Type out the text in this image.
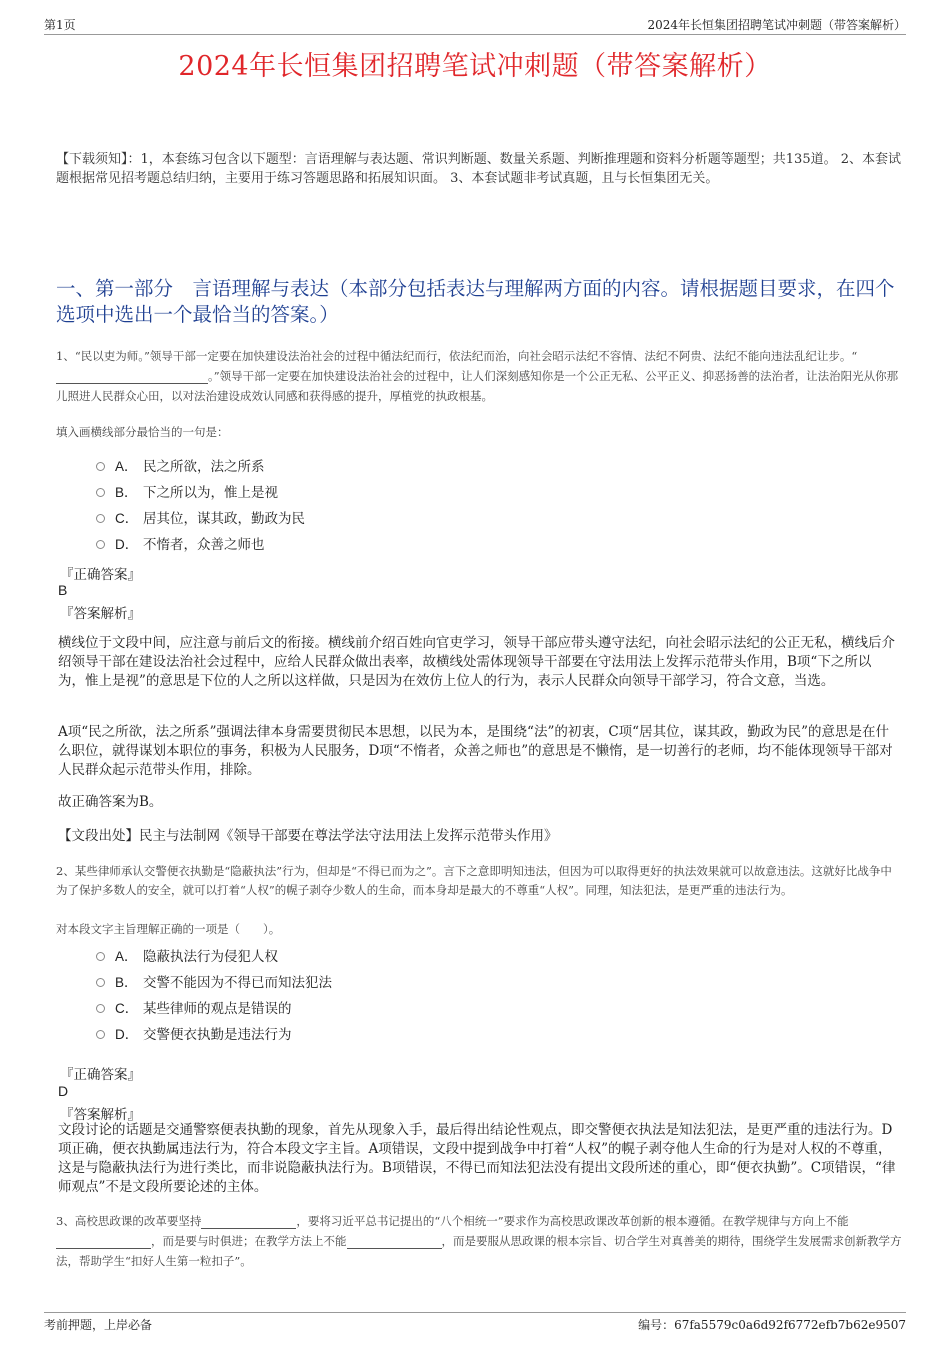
第1页	2024年长恒集团招聘笔试冲刺题（带答案解析）
2024年长恒集团招聘笔试冲刺题（带答案解析）
【下载须知】：1，本套练习包含以下题型：言语理解与表达题、常识判断题、数量关系题、判断推理题和资料分析题等题型；共135道。 2、本套试题根据常见招考题总结归纳，主要用于练习答题思路和拓展知识面。 3、本套试题非考试真题，且与长恒集团无关。
一、第一部分　言语理解与表达（本部分包括表达与理解两方面的内容。请根据题目要求，在四个选项中选出一个最恰当的答案。）
1、“民以吏为师。”领导干部一定要在加快建设法治社会的过程中循法纪而行，依法纪而治，向社会昭示法纪不容情、法纪不阿贵、法纪不能向违法乱纪让步。“。”领导干部一定要在加快建设法治社会的过程中，让人们深刻感知你是一个公正无私、公平正义、抑恶扬善的法治者，让法治阳光从你那儿照进人民群众心田，以对法治建设成效认同感和获得感的提升，厚植党的执政根基。
填入画横线部分最恰当的一句是：
A． 民之所欲，法之所系
B． 下之所以为，惟上是视
C． 居其位，谋其政，勤政为民
D． 不惰者，众善之师也
『正确答案』
B
『答案解析』
横线位于文段中间，应注意与前后文的衔接。横线前介绍百姓向官吏学习，领导干部应带头遵守法纪，向社会昭示法纪的公正无私，横线后介绍领导干部在建设法治社会过程中，应给人民群众做出表率，故横线处需体现领导干部要在守法用法上发挥示范带头作用，B项“下之所以为，惟上是视”的意思是下位的人之所以这样做，只是因为在效仿上位人的行为，表示人民群众向领导干部学习，符合文意，当选。
A项“民之所欲，法之所系”强调法律本身需要贯彻民本思想，以民为本，是围绕“法”的初衷，C项“居其位，谋其政，勤政为民”的意思是在什么职位，就得谋划本职位的事务，积极为人民服务，D项“不惰者，众善之师也”的意思是不懒惰，是一切善行的老师，均不能体现领导干部对人民群众起示范带头作用，排除。
故正确答案为B。
【文段出处】民主与法制网《领导干部要在尊法学法守法用法上发挥示范带头作用》
2、某些律师承认交警便衣执勤是“隐蔽执法”行为，但却是“不得已而为之”。言下之意即明知违法，但因为可以取得更好的执法效果就可以故意违法。这就好比战争中为了保护多数人的安全，就可以打着“人权”的幌子剥夺少数人的生命，而本身却是最大的不尊重“人权”。同理，知法犯法，是更严重的违法行为。
对本段文字主旨理解正确的一项是（　　）。
A． 隐蔽执法行为侵犯人权
B． 交警不能因为不得已而知法犯法
C． 某些律师的观点是错误的
D． 交警便衣执勤是违法行为
『正确答案』
D
『答案解析』
文段讨论的话题是交通警察便表执勤的现象，首先从现象入手，最后得出结论性观点，即交警便衣执法是知法犯法，是更严重的违法行为。D项正确，便衣执勤属违法行为，符合本段文字主旨。A项错误，文段中提到战争中打着“人权”的幌子剥夺他人生命的行为是对人权的不尊重，这是与隐蔽执法行为进行类比，而非说隐蔽执法行为。B项错误，不得已而知法犯法没有提出文段所述的重心，即“便衣执勤”。C项错误，“律师观点”不是文段所要论述的主体。
3、高校思政课的改革要坚持	，要将习近平总书记提出的“八个相统一”要求作为高校思政课改革创新的根本遵循。在教学规律与方向上不能，而是要与时俱进；在教学方法上不能	，而是要服从思政课的根本宗旨、切合学生对真善美的期待，围绕学生发展需求创新教学方法，帮助学生“扣好人生第一粒扣子”。
考前押题，上岸必备	编号：67fa5579c0a6d92f6772efb7b62e9507
